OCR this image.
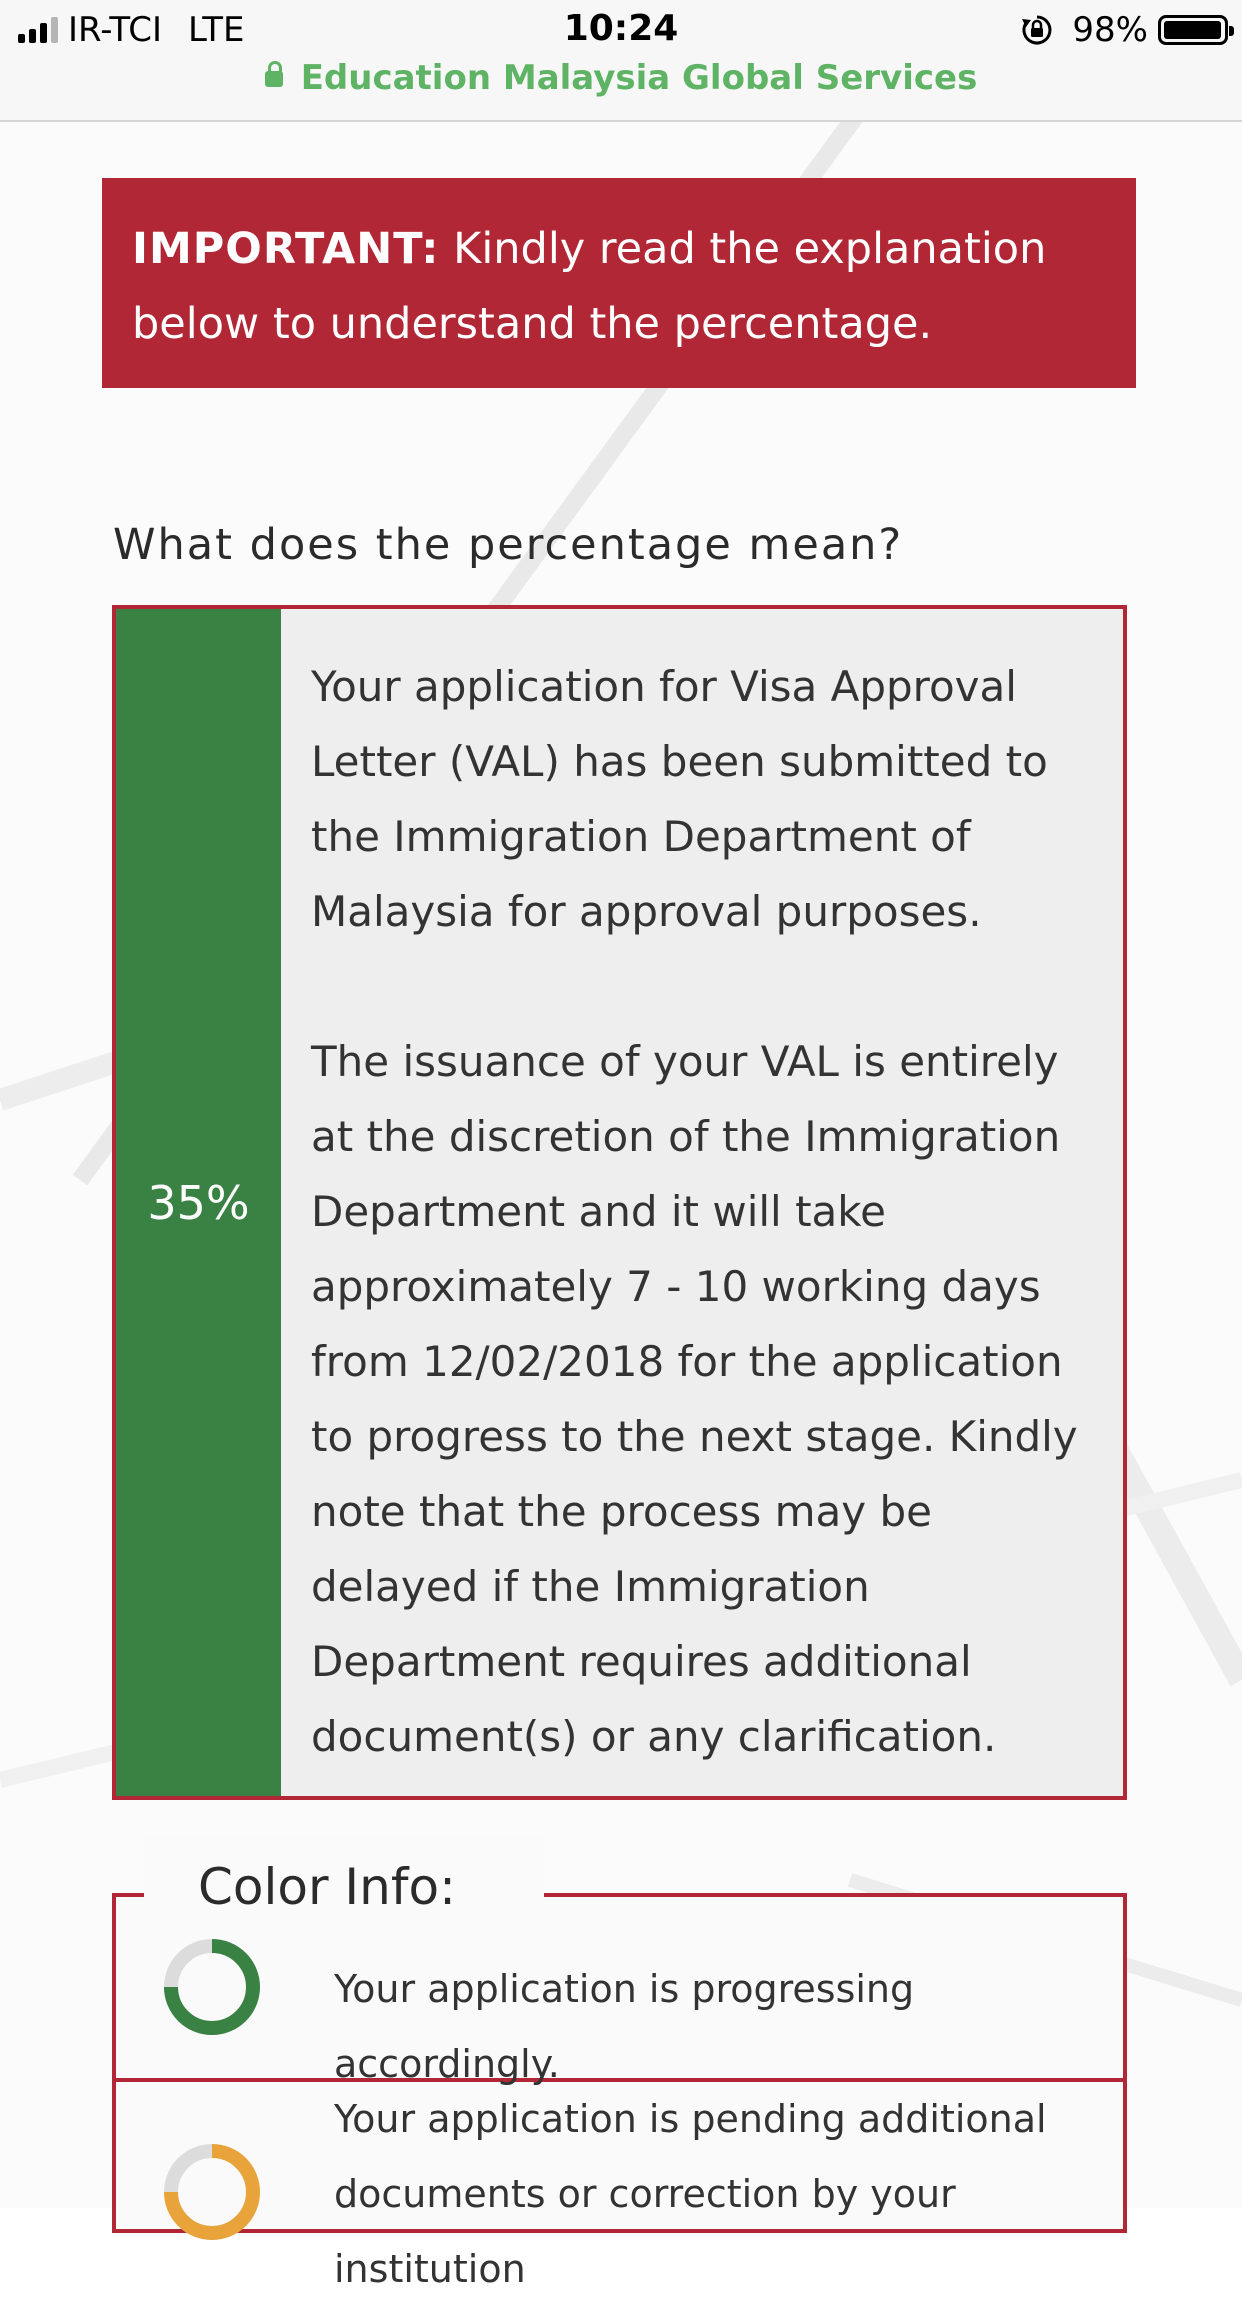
IR-TCI LTE	10:24	98%
Education Malaysia Global Services
IMPORTANT: Kindly read the explanation below to understand the percentage.
What does the percentage mean?
35%

Your application for Visa Approval Letter (VAL) has been submitted to the Immigration Department of Malaysia for approval purposes.

The issuance of your VAL is entirely at the discretion of the Immigration Department and it will take approximately 7 - 10 working days from 12/02/2018 for the application to progress to the next stage. Kindly note that the process may be delayed if the Immigration Department requires additional document(s) or any clarification.

Color Info:
Your application is progressing accordingly.
Your application is pending additional documents or correction by your institution
